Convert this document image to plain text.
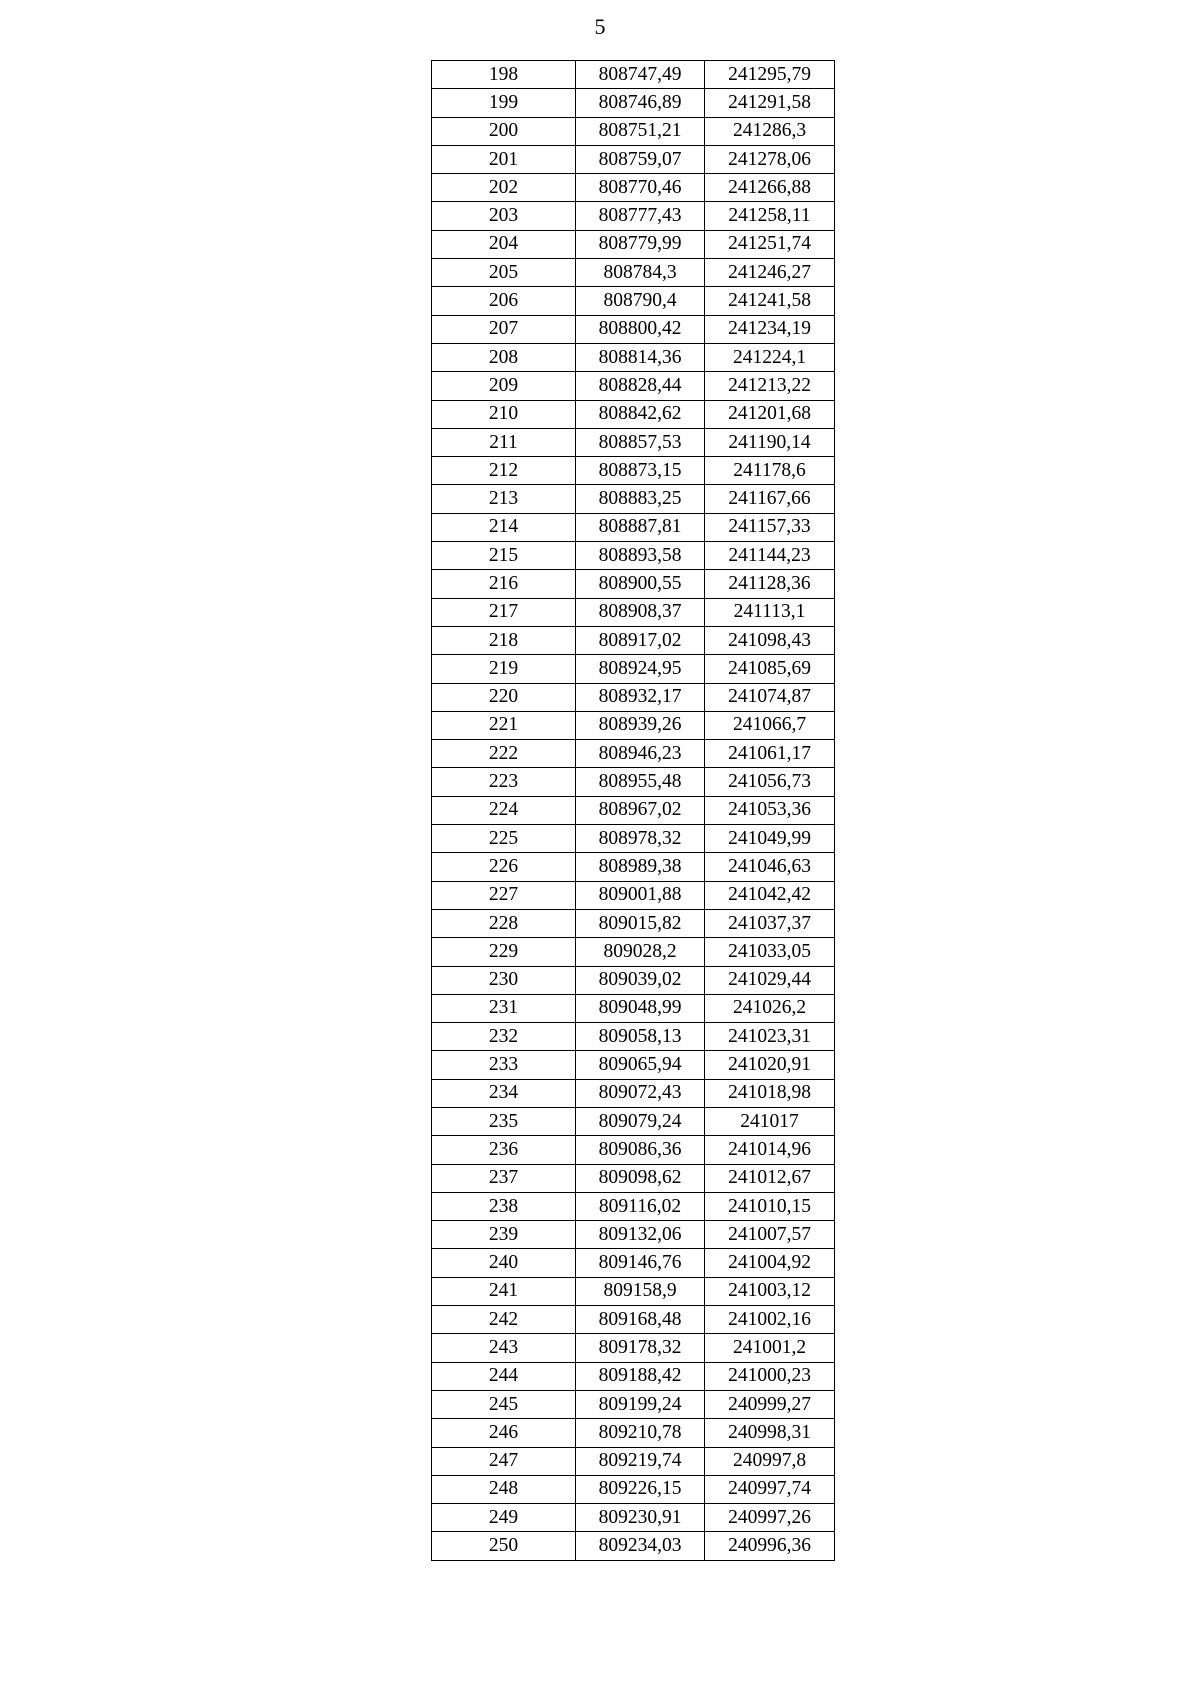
5
198	808747,49	241295,79
199	808746,89	241291,58
200	808751,21	241286,3
201	808759,07	241278,06
202	808770,46	241266,88
203	808777,43	241258,11
204	808779,99	241251,74
205	808784,3	241246,27
206	808790,4	241241,58
207	808800,42	241234,19
208	808814,36	241224,1
209	808828,44	241213,22
210	808842,62	241201,68
211	808857,53	241190,14
212	808873,15	241178,6
213	808883,25	241167,66
214	808887,81	241157,33
215	808893,58	241144,23
216	808900,55	241128,36
217	808908,37	241113,1
218	808917,02	241098,43
219	808924,95	241085,69
220	808932,17	241074,87
221	808939,26	241066,7
222	808946,23	241061,17
223	808955,48	241056,73
224	808967,02	241053,36
225	808978,32	241049,99
226	808989,38	241046,63
227	809001,88	241042,42
228	809015,82	241037,37
229	809028,2	241033,05
230	809039,02	241029,44
231	809048,99	241026,2
232	809058,13	241023,31
233	809065,94	241020,91
234	809072,43	241018,98
235	809079,24	241017
236	809086,36	241014,96
237	809098,62	241012,67
238	809116,02	241010,15
239	809132,06	241007,57
240	809146,76	241004,92
241	809158,9	241003,12
242	809168,48	241002,16
243	809178,32	241001,2
244	809188,42	241000,23
245	809199,24	240999,27
246	809210,78	240998,31
247	809219,74	240997,8
248	809226,15	240997,74
249	809230,91	240997,26
250	809234,03	240996,36
